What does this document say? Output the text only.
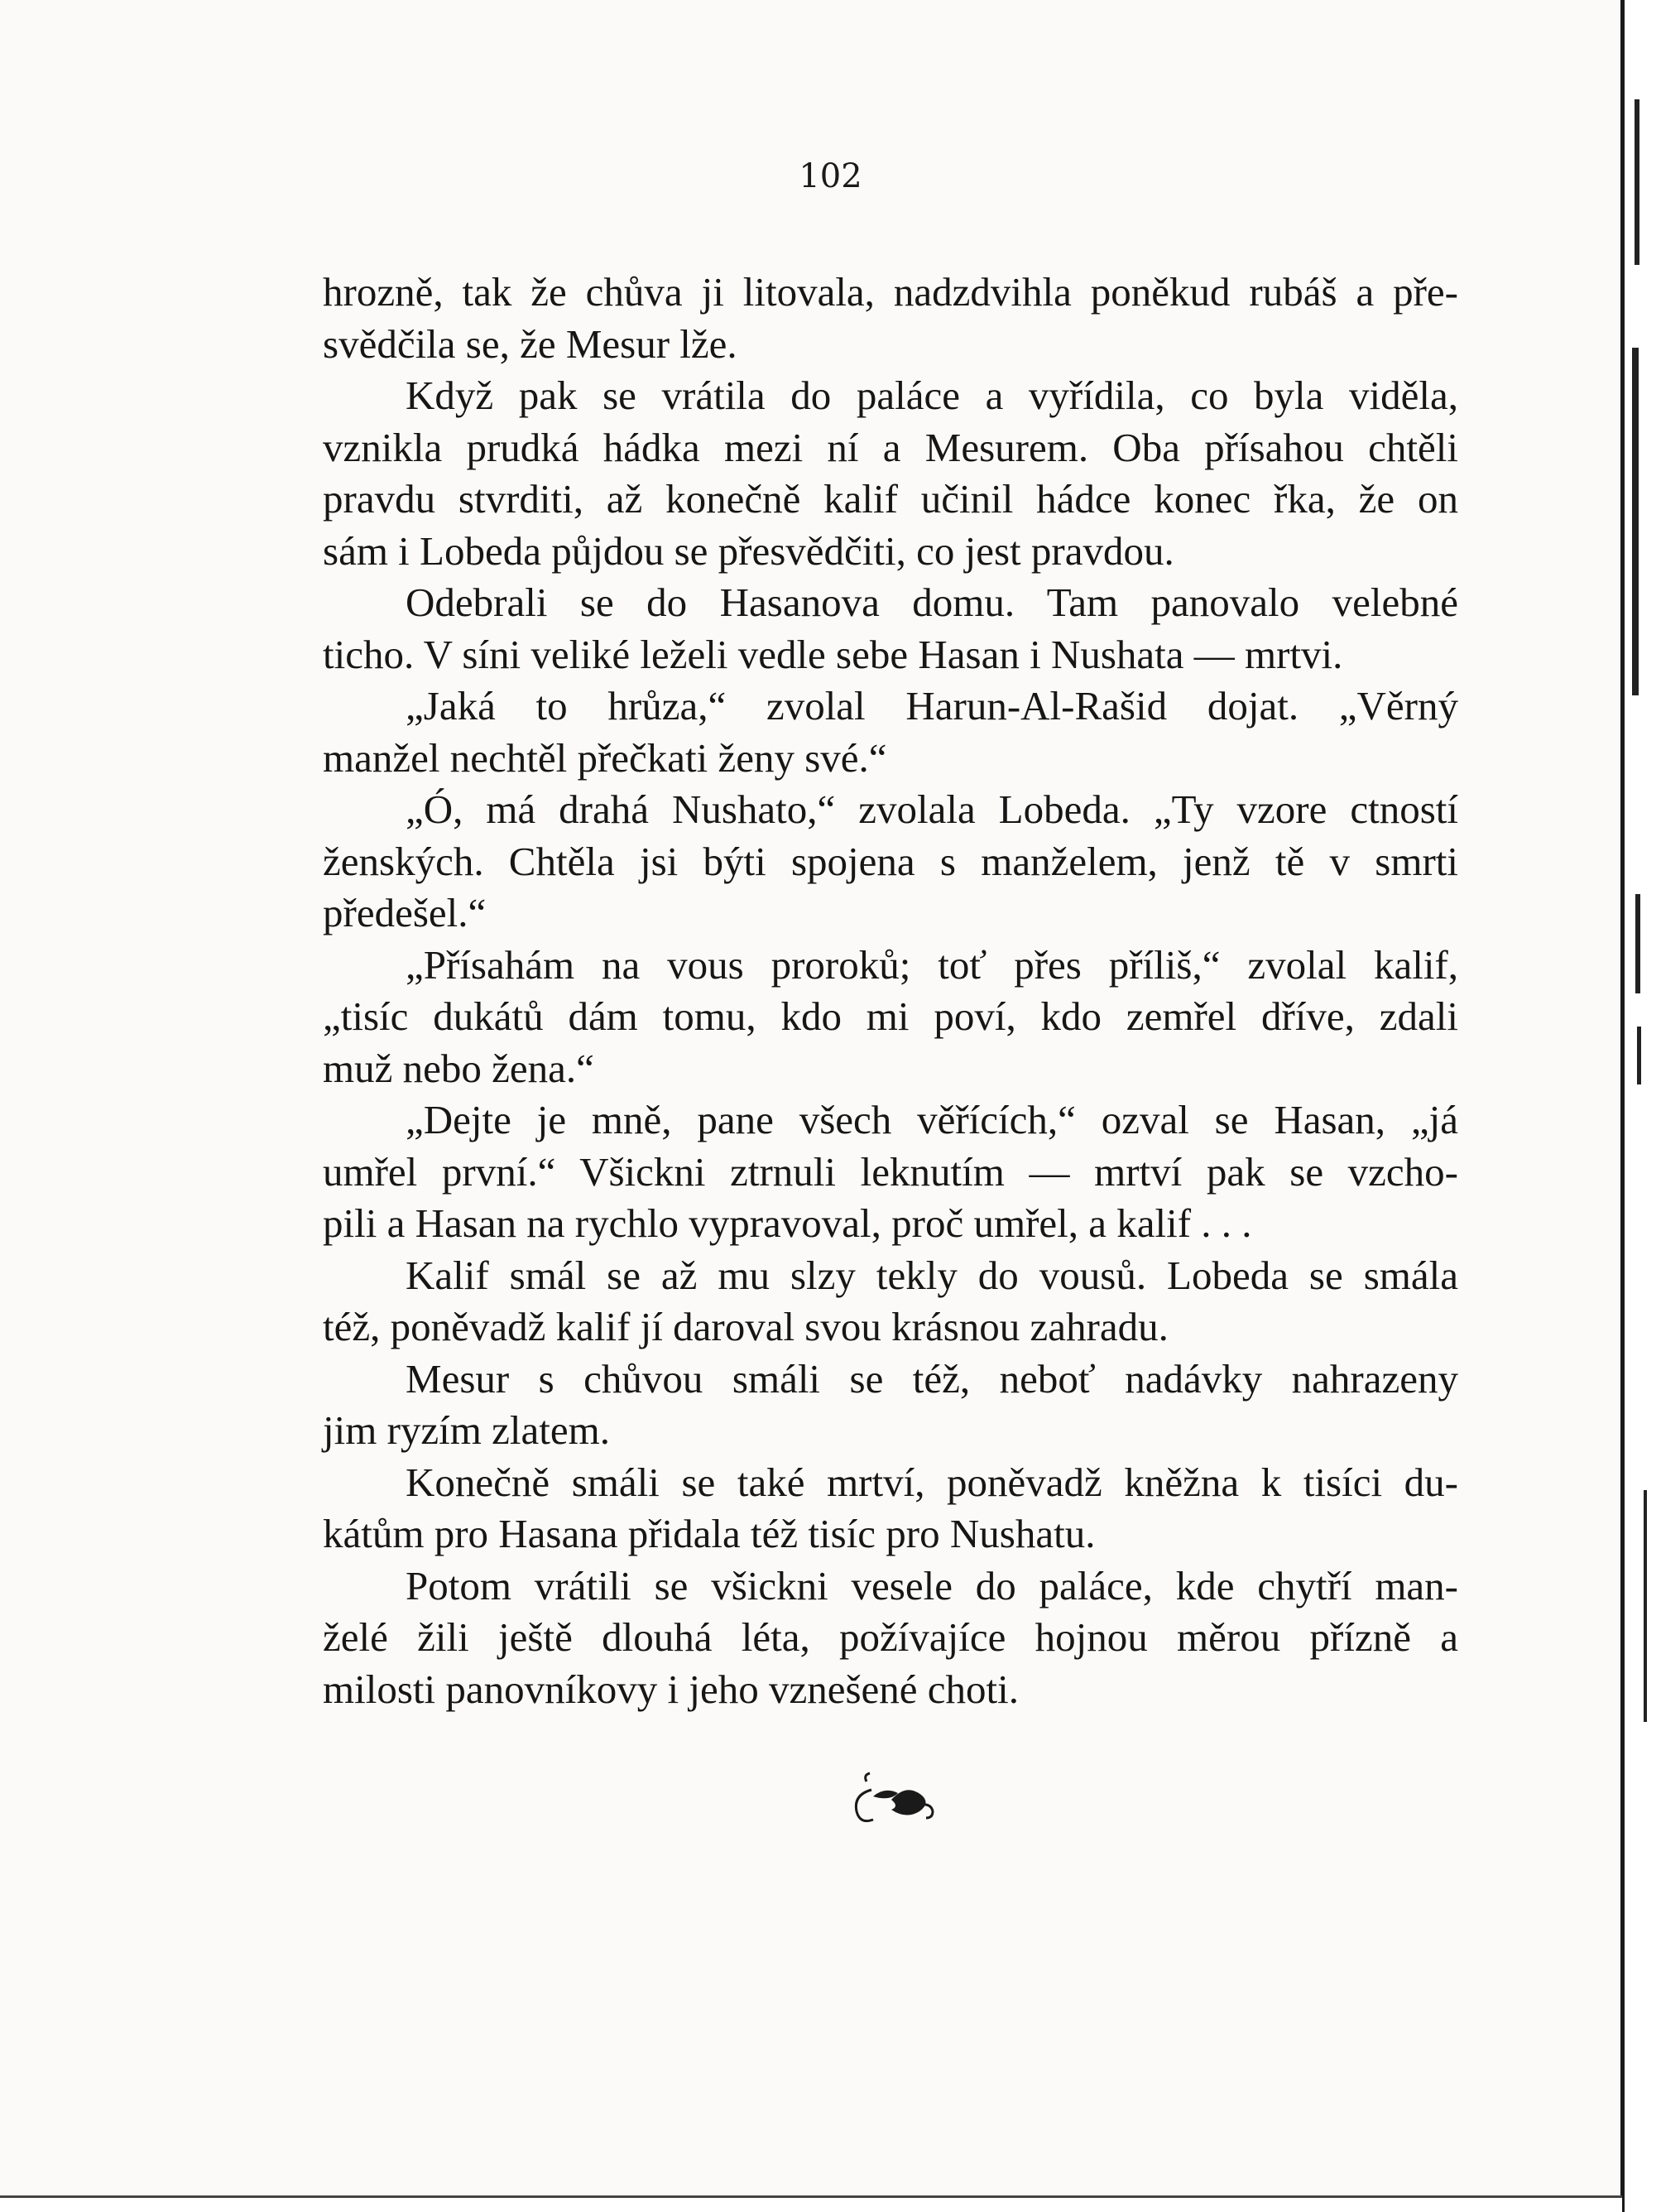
102
hrozně, tak že chůva ji litovala, nadzdvihla poněkud rubáš a pře-
svědčila se, že Mesur lže.
Když pak se vrátila do paláce a vyřídila, co byla viděla,
vznikla prudká hádka mezi ní a Mesurem. Oba přísahou chtěli
pravdu stvrditi, až konečně kalif učinil hádce konec řka, že on
sám i Lobeda půjdou se přesvědčiti, co jest pravdou.
Odebrali se do Hasanova domu. Tam panovalo velebné
ticho. V síni veliké leželi vedle sebe Hasan i Nushata — mrtvi.
„Jaká to hrůza,“ zvolal Harun-Al-Rašid dojat. „Věrný
manžel nechtěl přečkati ženy své.“
„Ó, má drahá Nushato,“ zvolala Lobeda. „Ty vzore ctností
ženských. Chtěla jsi býti spojena s manželem, jenž tě v smrti
předešel.“
„Přísahám na vous proroků; toť přes příliš,“ zvolal kalif,
„tisíc dukátů dám tomu, kdo mi poví, kdo zemřel dříve, zdali
muž nebo žena.“
„Dejte je mně, pane všech věřících,“ ozval se Hasan, „já
umřel první.“ Všickni ztrnuli leknutím — mrtví pak se vzcho-
pili a Hasan na rychlo vypravoval, proč umřel, a kalif . . .
Kalif smál se až mu slzy tekly do vousů. Lobeda se smála
též, poněvadž kalif jí daroval svou krásnou zahradu.
Mesur s chůvou smáli se též, neboť nadávky nahrazeny
jim ryzím zlatem.
Konečně smáli se také mrtví, poněvadž kněžna k tisíci du-
kátům pro Hasana přidala též tisíc pro Nushatu.
Potom vrátili se všickni vesele do paláce, kde chytří man-
želé žili ještě dlouhá léta, požívajíce hojnou měrou přízně a
milosti panovníkovy i jeho vznešené choti.
